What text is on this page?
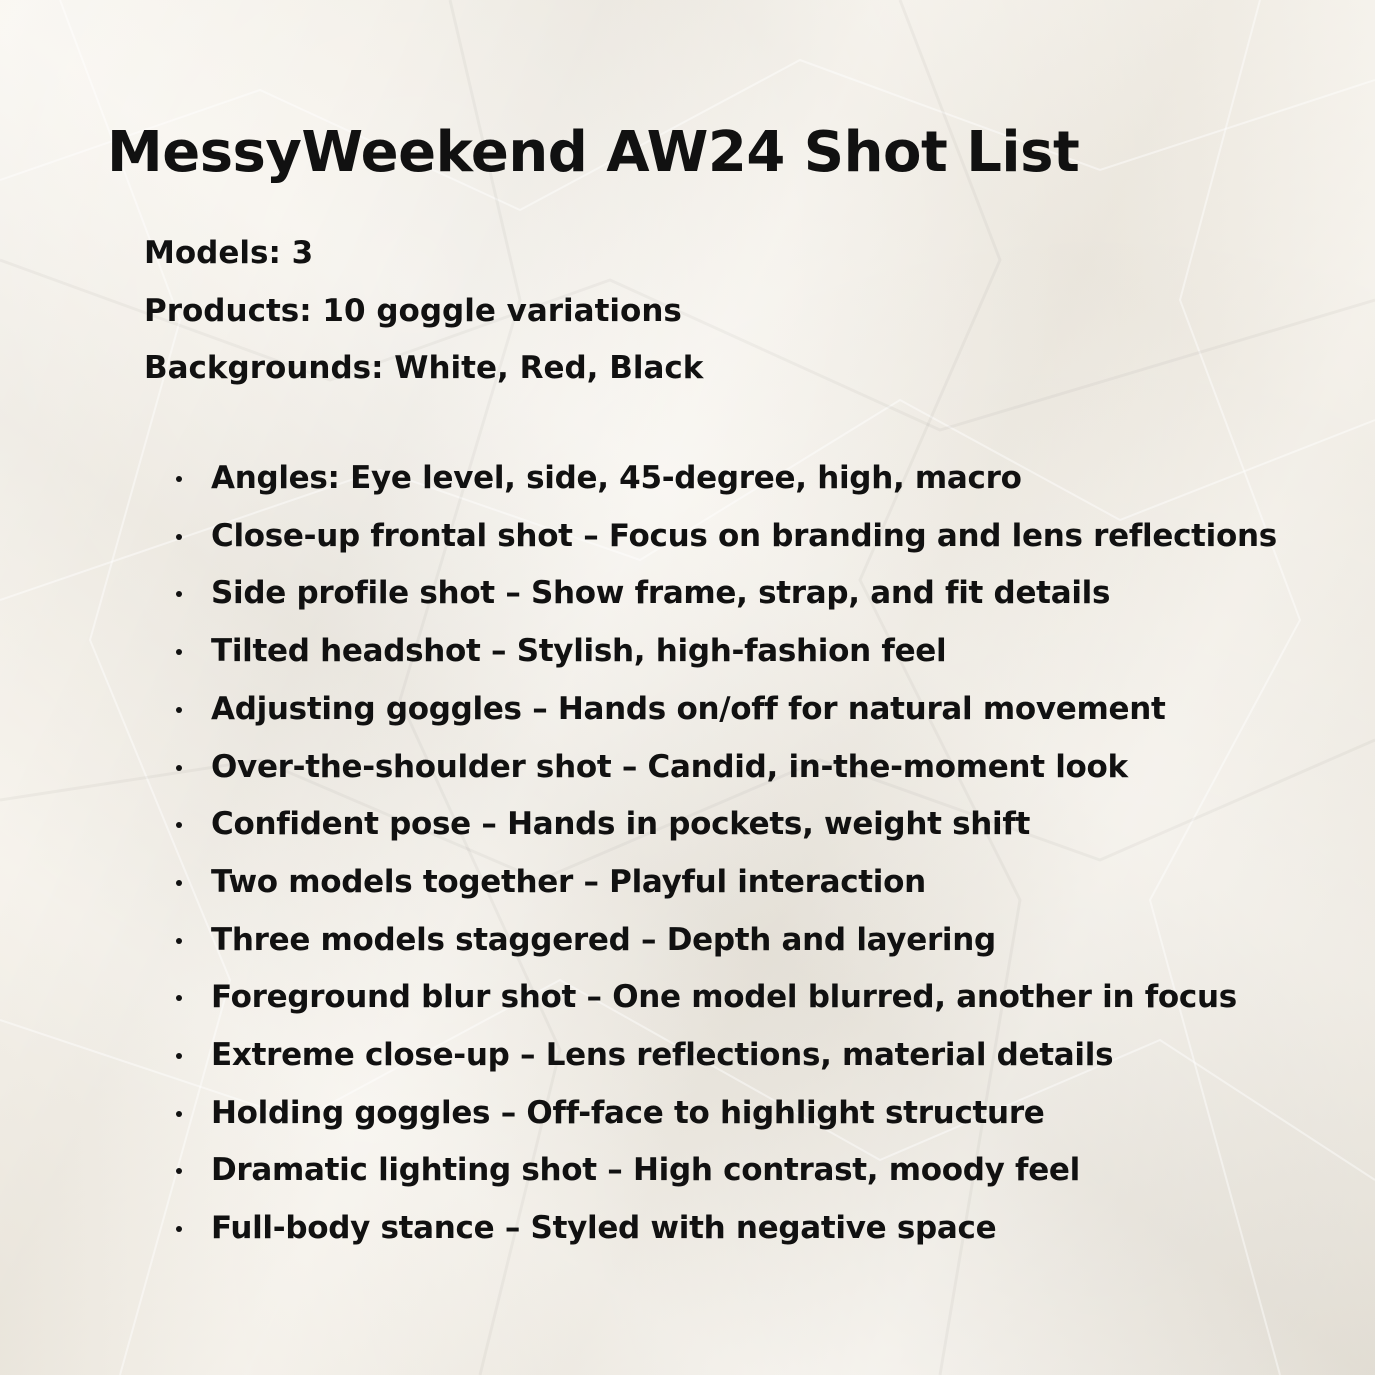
MessyWeekend AW24 Shot List
Models: 3
Products: 10 goggle variations
Backgrounds: White, Red, Black
Angles: Eye level, side, 45-degree, high, macro
Close-up frontal shot – Focus on branding and lens reflections
Side profile shot – Show frame, strap, and fit details
Tilted headshot – Stylish, high-fashion feel
Adjusting goggles – Hands on/off for natural movement
Over-the-shoulder shot – Candid, in-the-moment look
Confident pose – Hands in pockets, weight shift
Two models together – Playful interaction
Three models staggered – Depth and layering
Foreground blur shot – One model blurred, another in focus
Extreme close-up – Lens reflections, material details
Holding goggles – Off-face to highlight structure
Dramatic lighting shot – High contrast, moody feel
Full-body stance – Styled with negative space
